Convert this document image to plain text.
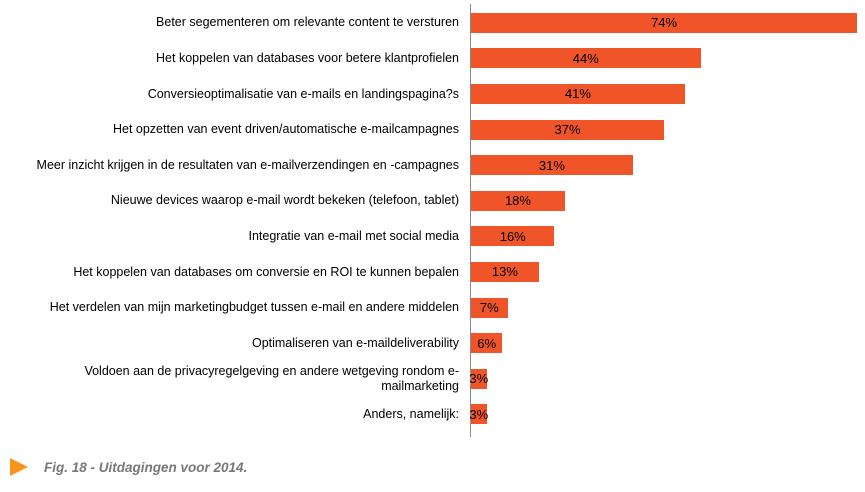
Beter segementeren om relevante content te versturen	74%
Het koppelen van databases voor betere klantprofielen	44%
Conversieoptimalisatie van e-mails en landingspagina?s	41%
Het opzetten van event driven/automatische e-mailcampagnes	37%
Meer inzicht krijgen in de resultaten van e-mailverzendingen en -campagnes	31%
Nieuwe devices waarop e-mail wordt bekeken (telefoon, tablet)	18%
Integratie van e-mail met social media	16%
Het koppelen van databases om conversie en ROI te kunnen bepalen	13%
Het verdelen van mijn marketingbudget tussen e-mail en andere middelen	7%
Optimaliseren van e-maildeliverability	6%
Voldoen aan de privacyregelgeving en andere wetgeving rondom e-mailmarketing 3%
Anders, namelijk: 3%
Fig. 18 - Uitdagingen voor 2014.
